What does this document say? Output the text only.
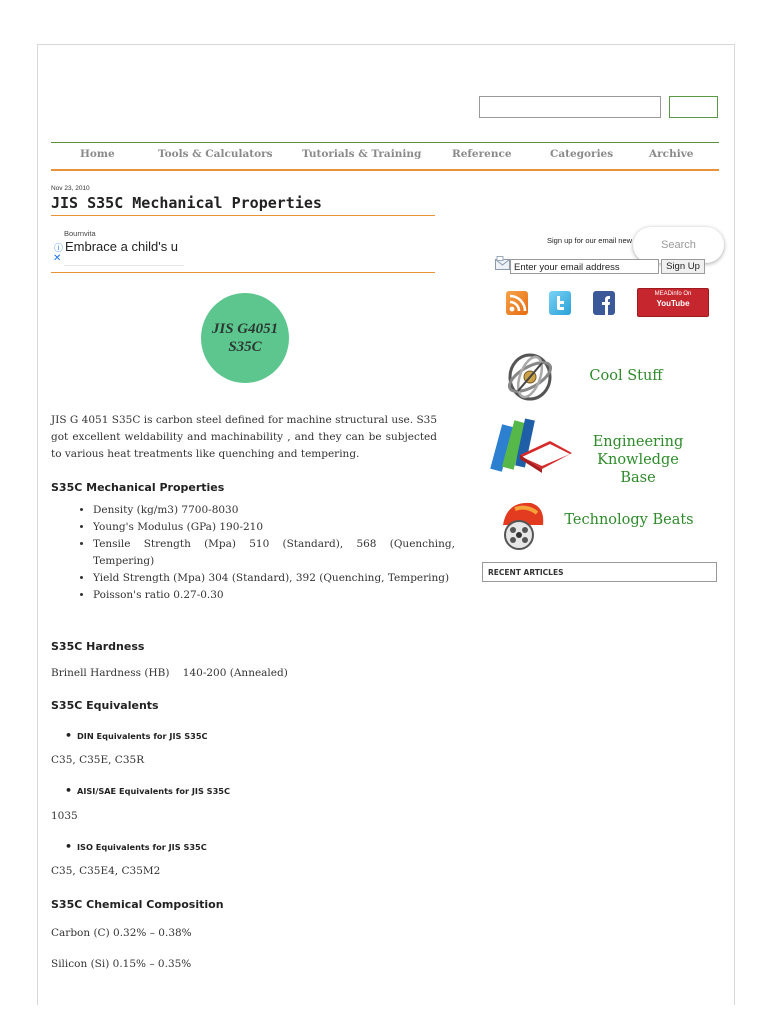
Home	Tools & Calculators	Tutorials & Training	Reference	Categories	Archive
Nov 23, 2010
JIS S35C Mechanical Properties
Bournvita
ⓘ Embrace a child's u
✕
JIS G4051
S35C
JIS G 4051 S35C is carbon steel defined for machine structural use. S35 got excellent weldability and machinability , and they can be subjected to various heat treatments like quenching and tempering.
S35C Mechanical Properties
• Density (kg/m3) 7700-8030
• Young's Modulus (GPa) 190-210
• Tensile Strength (Mpa) 510 (Standard), 568 (Quenching, Tempering)
• Yield Strength (Mpa) 304 (Standard), 392 (Quenching, Tempering)
• Poisson's ratio 0.27-0.30
S35C Hardness
Brinell Hardness (HB)    140-200 (Annealed)
S35C Equivalents
• DIN Equivalents for JIS S35C
C35, C35E, C35R
• AISI/SAE Equivalents for JIS S35C
1035
• ISO Equivalents for JIS S35C
C35, C35E4, C35M2
S35C Chemical Composition
Carbon (C) 0.32% – 0.38%
Silicon (Si) 0.15% – 0.35%
Sign up for our email new	Search
Enter your email address	Sign Up
MEADinfo On
YouTube
Cool Stuff
Engineering
Knowledge Base
Technology Beats
RECENT ARTICLES
